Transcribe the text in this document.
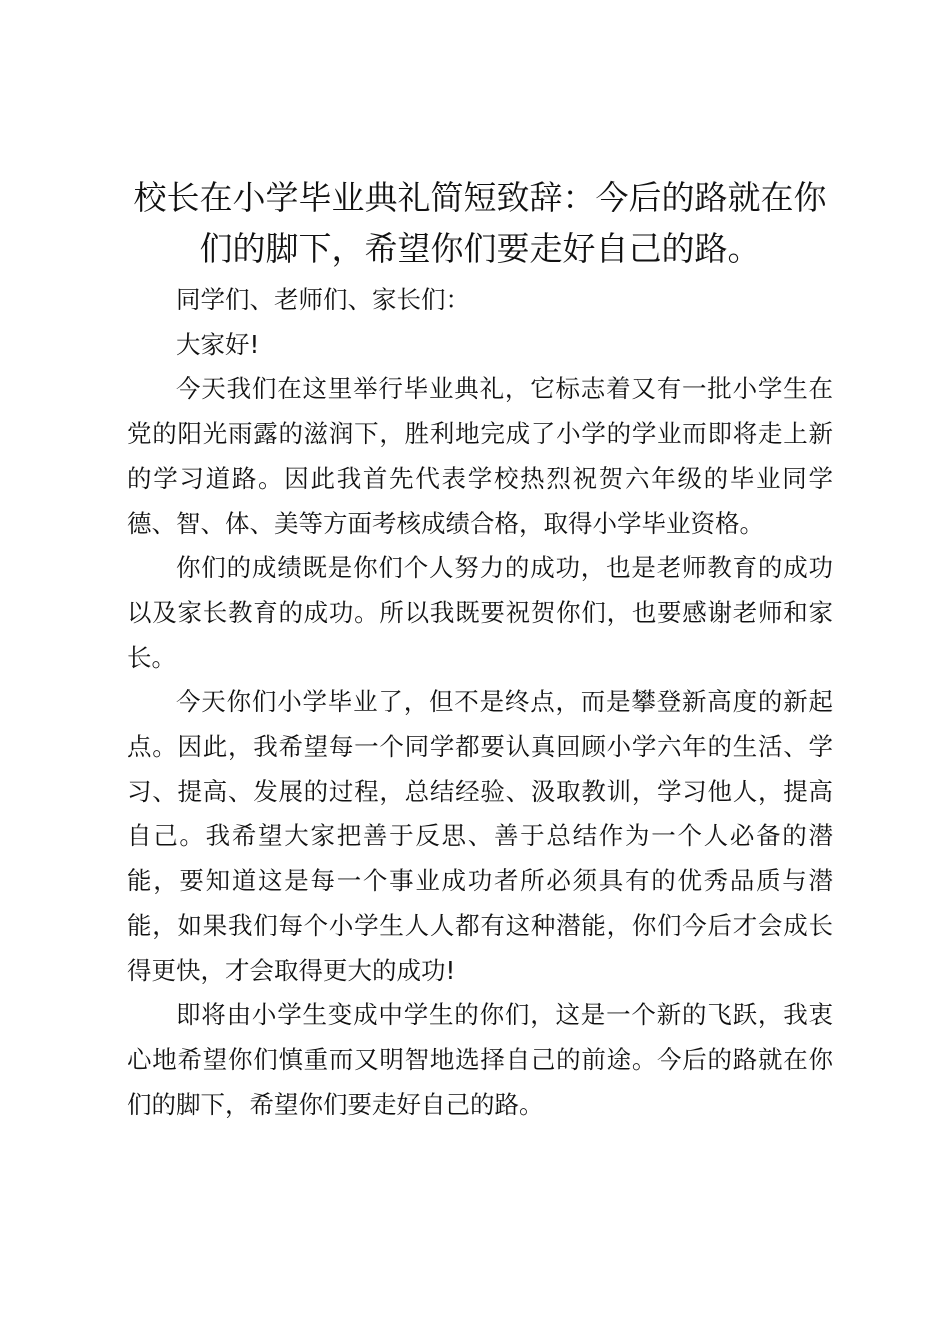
校长在小学毕业典礼简短致辞：今后的路就在你们的脚下，希望你们要走好自己的路。

同学们、老师们、家长们：

大家好!

今天我们在这里举行毕业典礼，它标志着又有一批小学生在党的阳光雨露的滋润下，胜利地完成了小学的学业而即将走上新的学习道路。因此我首先代表学校热烈祝贺六年级的毕业同学德、智、体、美等方面考核成绩合格，取得小学毕业资格。

你们的成绩既是你们个人努力的成功，也是老师教育的成功以及家长教育的成功。所以我既要祝贺你们，也要感谢老师和家长。

今天你们小学毕业了，但不是终点，而是攀登新高度的新起点。因此，我希望每一个同学都要认真回顾小学六年的生活、学习、提高、发展的过程，总结经验、汲取教训，学习他人，提高自己。我希望大家把善于反思、善于总结作为一个人必备的潜能，要知道这是每一个事业成功者所必须具有的优秀品质与潜能，如果我们每个小学生人人都有这种潜能，你们今后才会成长得更快，才会取得更大的成功!

即将由小学生变成中学生的你们，这是一个新的飞跃，我衷心地希望你们慎重而又明智地选择自己的前途。今后的路就在你们的脚下，希望你们要走好自己的路。
